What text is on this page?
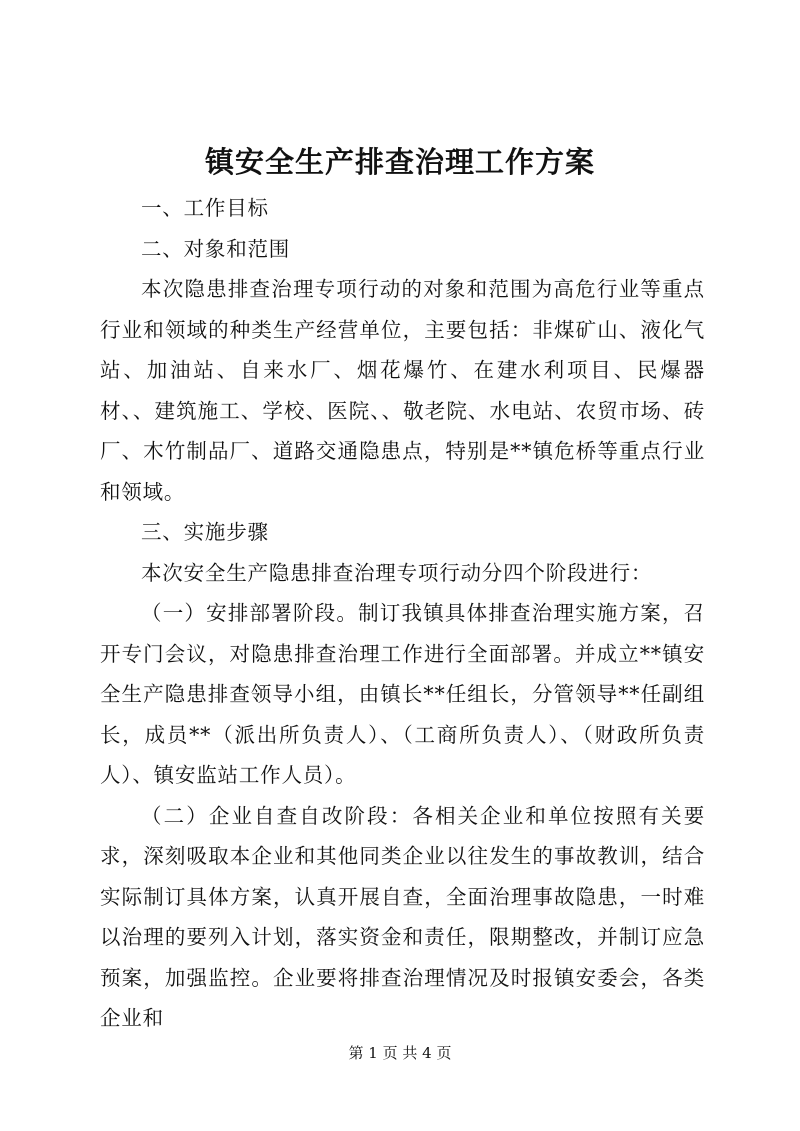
镇安全生产排查治理工作方案

一、工作目标

二、对象和范围

本次隐患排查治理专项行动的对象和范围为高危行业等重点行业和领域的种类生产经营单位，主要包括：非煤矿山、液化气站、加油站、自来水厂、烟花爆竹、在建水利项目、民爆器材、、建筑施工、学校、医院、、敬老院、水电站、农贸市场、砖厂、木竹制品厂、道路交通隐患点，特别是**镇危桥等重点行业和领域。

三、实施步骤

本次安全生产隐患排查治理专项行动分四个阶段进行：

（一）安排部署阶段。制订我镇具体排查治理实施方案，召开专门会议，对隐患排查治理工作进行全面部署。并成立**镇安全生产隐患排查领导小组，由镇长**任组长，分管领导**任副组长，成员**（派出所负责人）、（工商所负责人）、（财政所负责人）、镇安监站工作人员）。

（二）企业自查自改阶段：各相关企业和单位按照有关要求，深刻吸取本企业和其他同类企业以往发生的事故教训，结合实际制订具体方案，认真开展自查，全面治理事故隐患，一时难以治理的要列入计划，落实资金和责任，限期整改，并制订应急预案，加强监控。企业要将排查治理情况及时报镇安委会，各类企业和

第 1 页 共 4 页
